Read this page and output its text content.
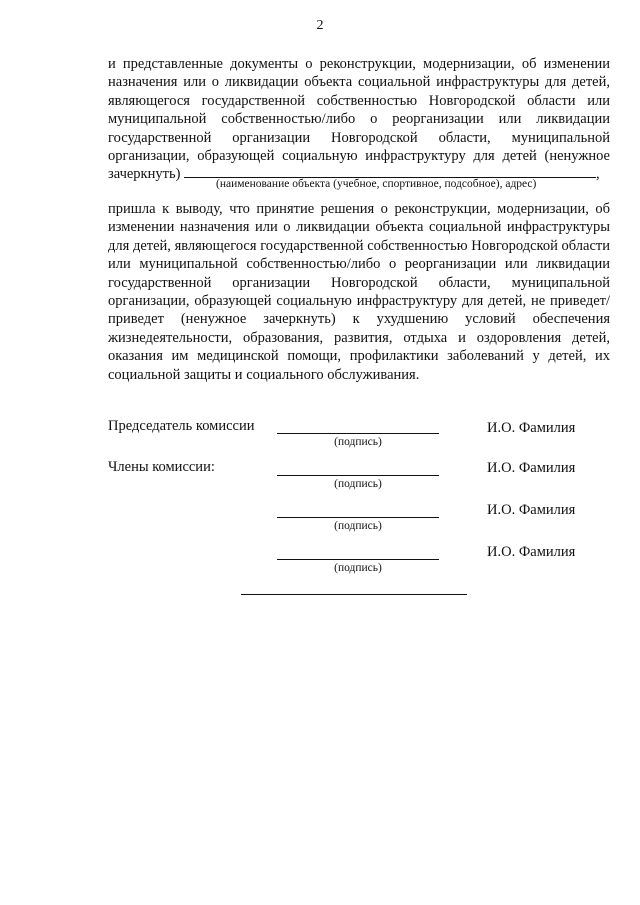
2

и представленные документы о реконструкции, модернизации, об изменении назначения или о ликвидации объекта социальной инфраструктуры для детей, являющегося государственной собственностью Новгородской области или муниципальной собственностью/либо о реорганизации или ликвидации государственной организации Новгородской области, муниципальной организации, образующей социальную инфраструктуру для детей (ненужное зачеркнуть)	,

(наименование объекта (учебное, спортивное, подсобное), адрес)

пришла к выводу, что принятие решения о реконструкции, модернизации, об изменении назначения или о ликвидации объекта социальной инфраструктуры для детей, являющегося государственной собственностью Новгородской области или муниципальной собственностью/либо о реорганизации или ликвидации государственной организации Новгородской области, муниципальной организации, образующей социальную инфраструктуру для детей, не приведет/приведет (ненужное зачеркнуть) к ухудшению условий обеспечения жизнедеятельности, образования, развития, отдыха и оздоровления детей, оказания им медицинской помощи, профилактики заболеваний у детей, их социальной защиты и социального обслуживания.

Председатель комиссии
(подпись)
И.О. Фамилия
Члены комиссии:
(подпись)
И.О. Фамилия
(подпись)
И.О. Фамилия
(подпись)
И.О. Фамилия
